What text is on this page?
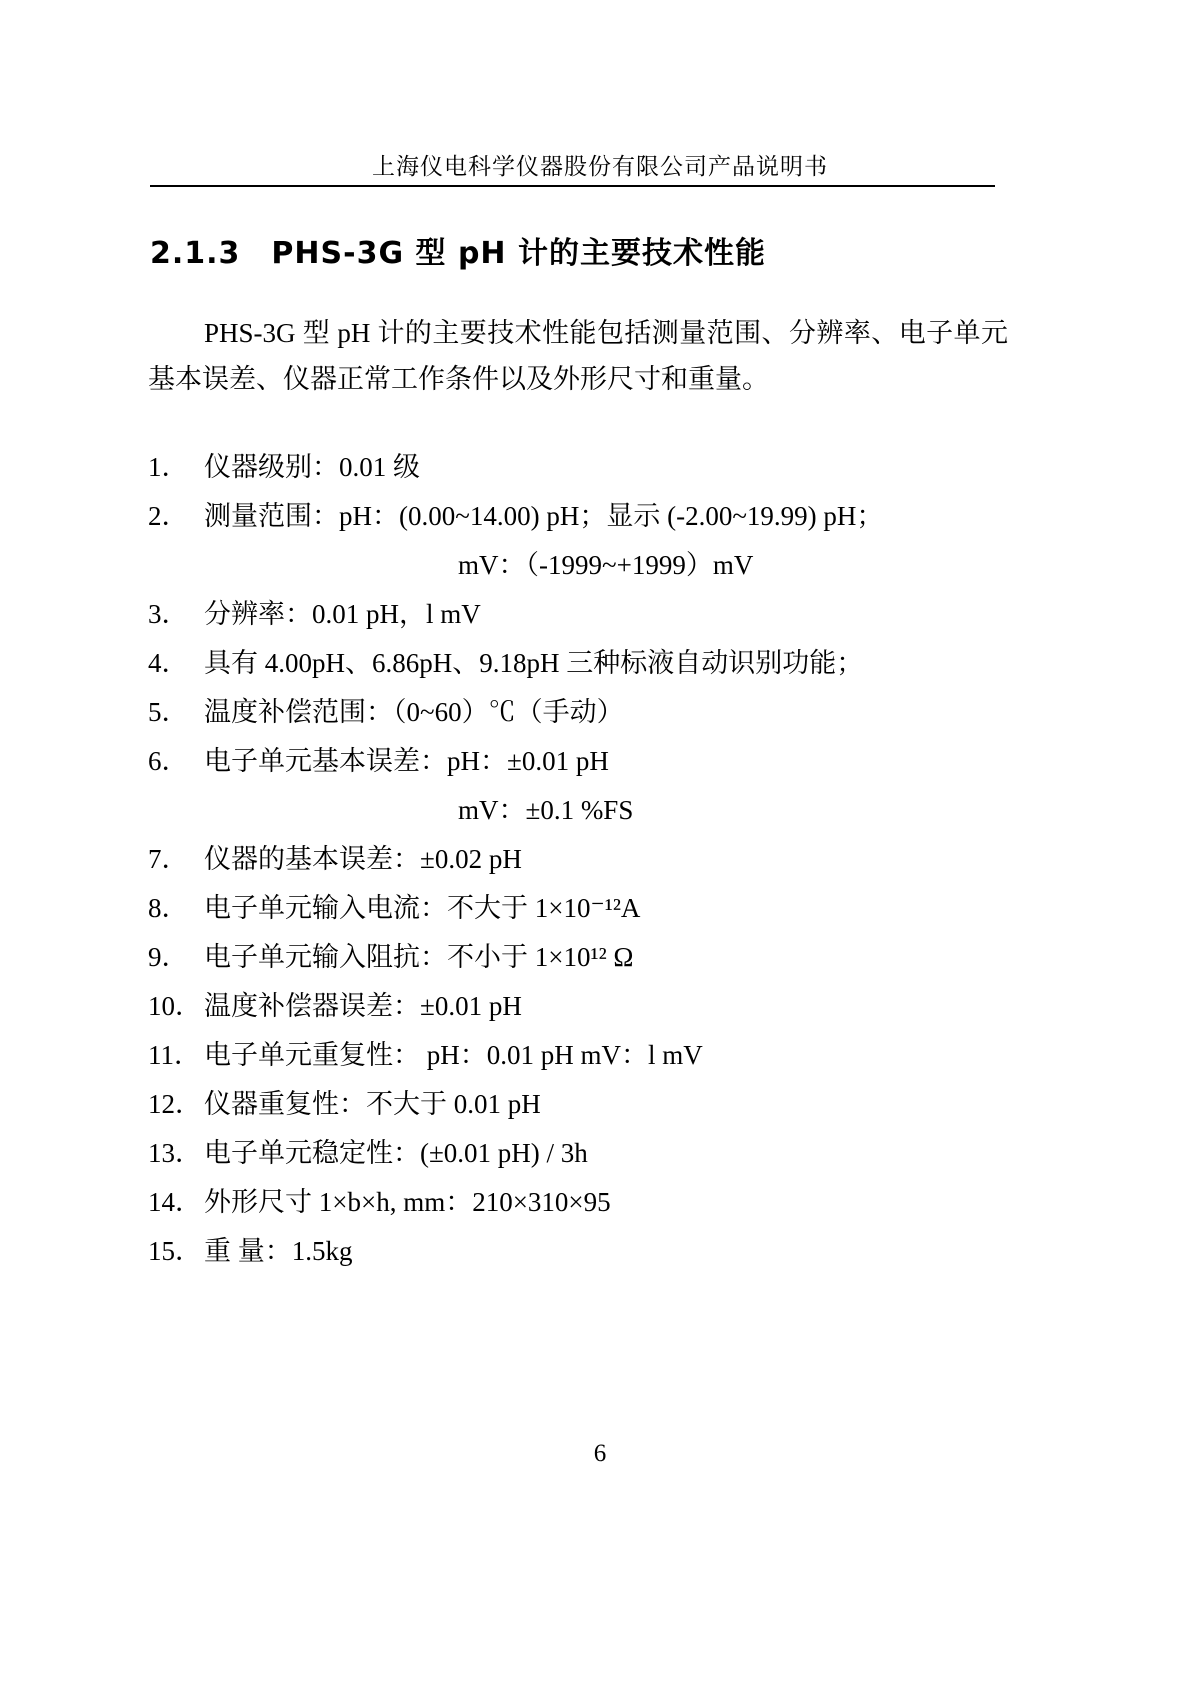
上海仪电科学仪器股份有限公司产品说明书
2.1.3　PHS-3G 型 pH 计的主要技术性能
PHS-3G 型 pH 计的主要技术性能包括测量范围、分辨率、电子单元基本误差、仪器正常工作条件以及外形尺寸和重量。
1． 仪器级别：0.01 级
2． 测量范围：pH：(0.00~14.00) pH；显示 (-2.00~19.99) pH；
mV：（-1999~+1999）mV
3． 分辨率：0.01 pH，l mV
4． 具有 4.00pH、6.86pH、9.18pH 三种标液自动识别功能；
5． 温度补偿范围：（0~60）℃（手动）
6． 电子单元基本误差：pH：±0.01 pH
mV：±0.1 %FS
7． 仪器的基本误差：±0.02 pH
8． 电子单元输入电流：不大于 1×10⁻¹²A
9． 电子单元输入阻抗：不小于 1×10¹² Ω
10．温度补偿器误差：±0.01 pH
11． 电子单元重复性： pH：0.01 pH mV：l mV
12．仪器重复性：不大于 0.01 pH
13．电子单元稳定性：(±0.01 pH) / 3h
14．外形尺寸 1×b×h, mm：210×310×95
15．重 量：1.5kg
6
